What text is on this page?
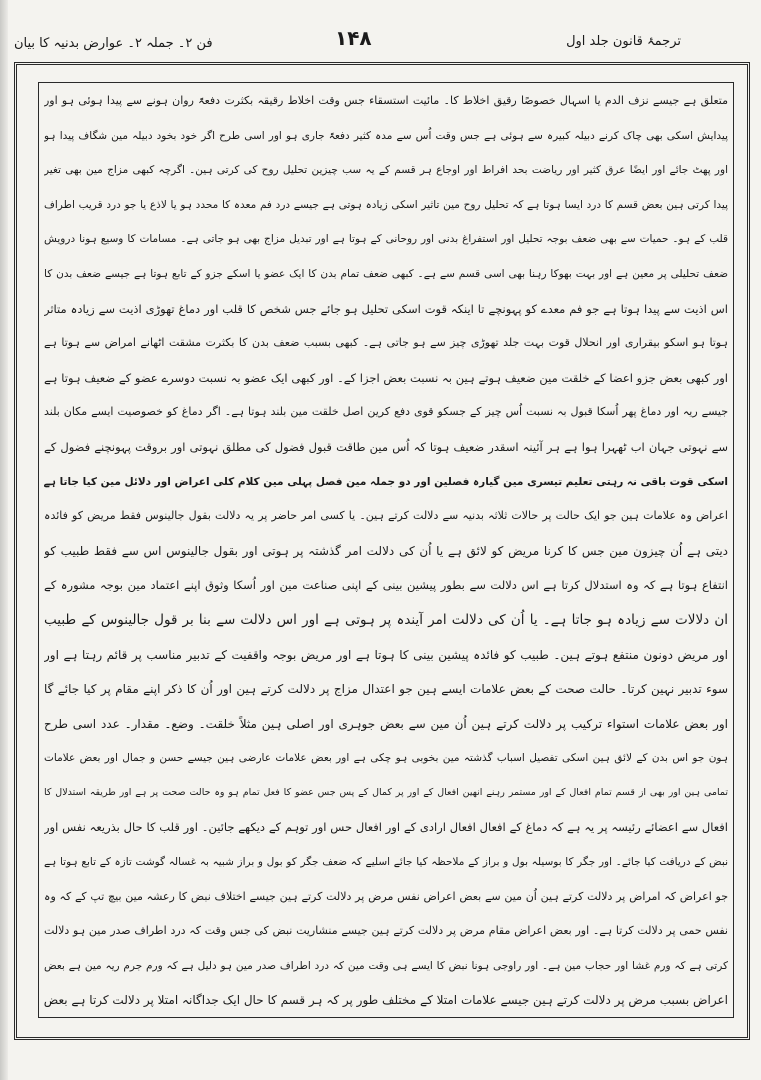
ترجمۂ قانون جلد اول
۱۴۸
فن ۲۔ جملہ ۲۔ عوارض بدنیہ کا بیان
متعلق ہے جیسے نزف الدم یا اسہال خصوصًا رقیق اخلاط کا۔ مائیت استسقاء جس وقت اخلاط رقیقہ بکثرت دفعۃً روان ہونے سے پیدا ہوئی ہو اور
پیدایش اسکی بھی چاک کرنے دبیلہ کبیرہ سے ہوئی ہے جس وقت اُس سے مدہ کثیر دفعۃً جاری ہو اور اسی طرح اگر خود بخود دبیلہ مین شگاف پیدا ہو
اور پھٹ جائے اور ایضًا عرق کثیر اور ریاضت بحد افراط اور اوجاع ہر قسم کے یہ سب چیزین تحلیل روح کی کرتی ہین۔ اگرچہ کبھی مزاج مین بھی تغیر
پیدا کرتی ہین بعض قسم کا درد ایسا ہوتا ہے کہ تحلیل روح مین تاثیر اسکی زیادہ ہوتی ہے جیسے درد فم معدہ کا محدد ہو یا لاذع یا جو درد قریب اطراف
قلب کے ہو۔ حمیات سے بھی ضعف بوجہ تحلیل اور استفراغ بدنی اور روحانی کے ہوتا ہے اور تبدیل مزاج بھی ہو جاتی ہے۔ مسامات کا وسیع ہونا درویش
ضعف تحلیلی پر معین ہے اور بہت بھوکا رہنا بھی اسی قسم سے ہے۔ کبھی ضعف تمام بدن کا ایک عضو یا اسکے جزو کے تابع ہوتا ہے جیسے ضعف بدن کا
اس اذیت سے پیدا ہوتا ہے جو فم معدے کو پہونچے تا اینکہ قوت اسکی تحلیل ہو جائے جس شخص کا قلب اور دماغ تھوڑی اذیت سے زیادہ متاثر
ہوتا ہو اسکو بیقراری اور انحلال قوت بہت جلد تھوڑی چیز سے ہو جاتی ہے۔ کبھی بسبب ضعف بدن کا بکثرت مشقت اٹھانے امراض سے ہوتا ہے
اور کبھی بعض جزو اعضا کے خلقت مین ضعیف ہوتے ہین بہ نسبت بعض اجزا کے۔ اور کبھی ایک عضو بہ نسبت دوسرے عضو کے ضعیف ہوتا ہے
جیسے ریہ اور دماغ پھر اُسکا قبول بہ نسبت اُس چیز کے جسکو قوی دفع کرین اصل خلقت مین بلند ہوتا ہے۔ اگر دماغ کو خصوصیت ایسے مکان بلند
سے نہوتی جہان اب ٹھہرا ہوا ہے ہر آئینہ اسقدر ضعیف ہوتا کہ اُس مین طاقت قبول فضول کی مطلق نہوتی اور بروقت پہونچنے فضول کے
اسکی قوت باقی نہ رہتی تعلیم تیسری مین گیارہ فصلین اور دو جملہ مین فصل پہلی مین کلام کلی اعراض اور دلائل مین کیا جاتا ہے
اعراض وہ علامات ہین جو ایک حالت پر حالات ثلاثہ بدنیہ سے دلالت کرتے ہین۔ یا کسی امر حاضر پر یہ دلالت بقول جالینوس فقط مریض کو فائدہ
دیتی ہے اُن چیزون مین جس کا کرنا مریض کو لائق ہے یا اُن کی دلالت امر گذشتہ پر ہوتی اور بقول جالینوس اس سے فقط طبیب کو
انتفاع ہوتا ہے کہ وہ استدلال کرتا ہے اس دلالت سے بطور پیشین بینی کے اپنی صناعت مین اور اُسکا وثوق اپنے اعتماد مین بوجہ مشورہ کے
ان دلالات سے زیادہ ہو جاتا ہے۔ یا اُن کی دلالت امر آیندہ پر ہوتی ہے اور اس دلالت سے بنا بر قول جالینوس کے طبیب
اور مریض دونون منتفع ہوتے ہین۔ طبیب کو فائدہ پیشین بینی کا ہوتا ہے اور مریض بوجہ واقفیت کے تدبیر مناسب پر قائم رہتا ہے اور
سوء تدبیر نہین کرتا۔ حالت صحت کے بعض علامات ایسے ہین جو اعتدال مزاج پر دلالت کرتے ہین اور اُن کا ذکر اپنے مقام پر کیا جائے گا
اور بعض علامات استواء ترکیب پر دلالت کرتے ہین اُن مین سے بعض جوہری اور اصلی ہین مثلاً خلقت۔ وضع۔ مقدار۔ عدد اسی طرح
ہون جو اس بدن کے لائق ہین اسکی تفصیل اسباب گذشتہ مین بخوبی ہو چکی ہے اور بعض علامات عارضی ہین جیسے حسن و جمال اور بعض علامات
تمامی ہین اور بھی از قسم تمام افعال کے اور مستمر رہنے انھین افعال کے اور پر کمال کے پس جس عضو کا فعل تمام ہو وہ حالت صحت پر ہے اور طریقہ استدلال کا
افعال سے اعضائے رئیسہ پر یہ ہے کہ دماغ کے افعال افعال ارادی کے اور افعال حس اور توہم کے دیکھے جائین۔ اور قلب کا حال بذریعہ نفس اور
نبض کے دریافت کیا جائے۔ اور جگر کا بوسیلہ بول و براز کے ملاحظہ کیا جائے اسلیے کہ ضعف جگر کو بول و براز شبیہ بہ غسالہ گوشت تازہ کے تابع ہوتا ہے
جو اعراض کہ امراض پر دلالت کرتے ہین اُن مین سے بعض اعراض نفس مرض پر دلالت کرتے ہین جیسے اختلاف نبض کا رعشہ مین بیچ تپ کے کہ وہ
نفس حمی پر دلالت کرتا ہے۔ اور بعض اعراض مقام مرض پر دلالت کرتے ہین جیسے منشاریت نبض کی جس وقت کہ درد اطراف صدر مین ہو دلالت
کرتی ہے کہ ورم غشا اور حجاب مین ہے۔ اور راوجی ہونا نبض کا ایسے ہی وقت مین کہ درد اطراف صدر مین ہو دلیل ہے کہ ورم جرم ریہ مین ہے بعض
اعراض بسبب مرض پر دلالت کرتے ہین جیسے علامات امتلا کے مختلف طور پر کہ ہر قسم کا حال ایک جداگانہ امتلا پر دلالت کرتا ہے بعض
